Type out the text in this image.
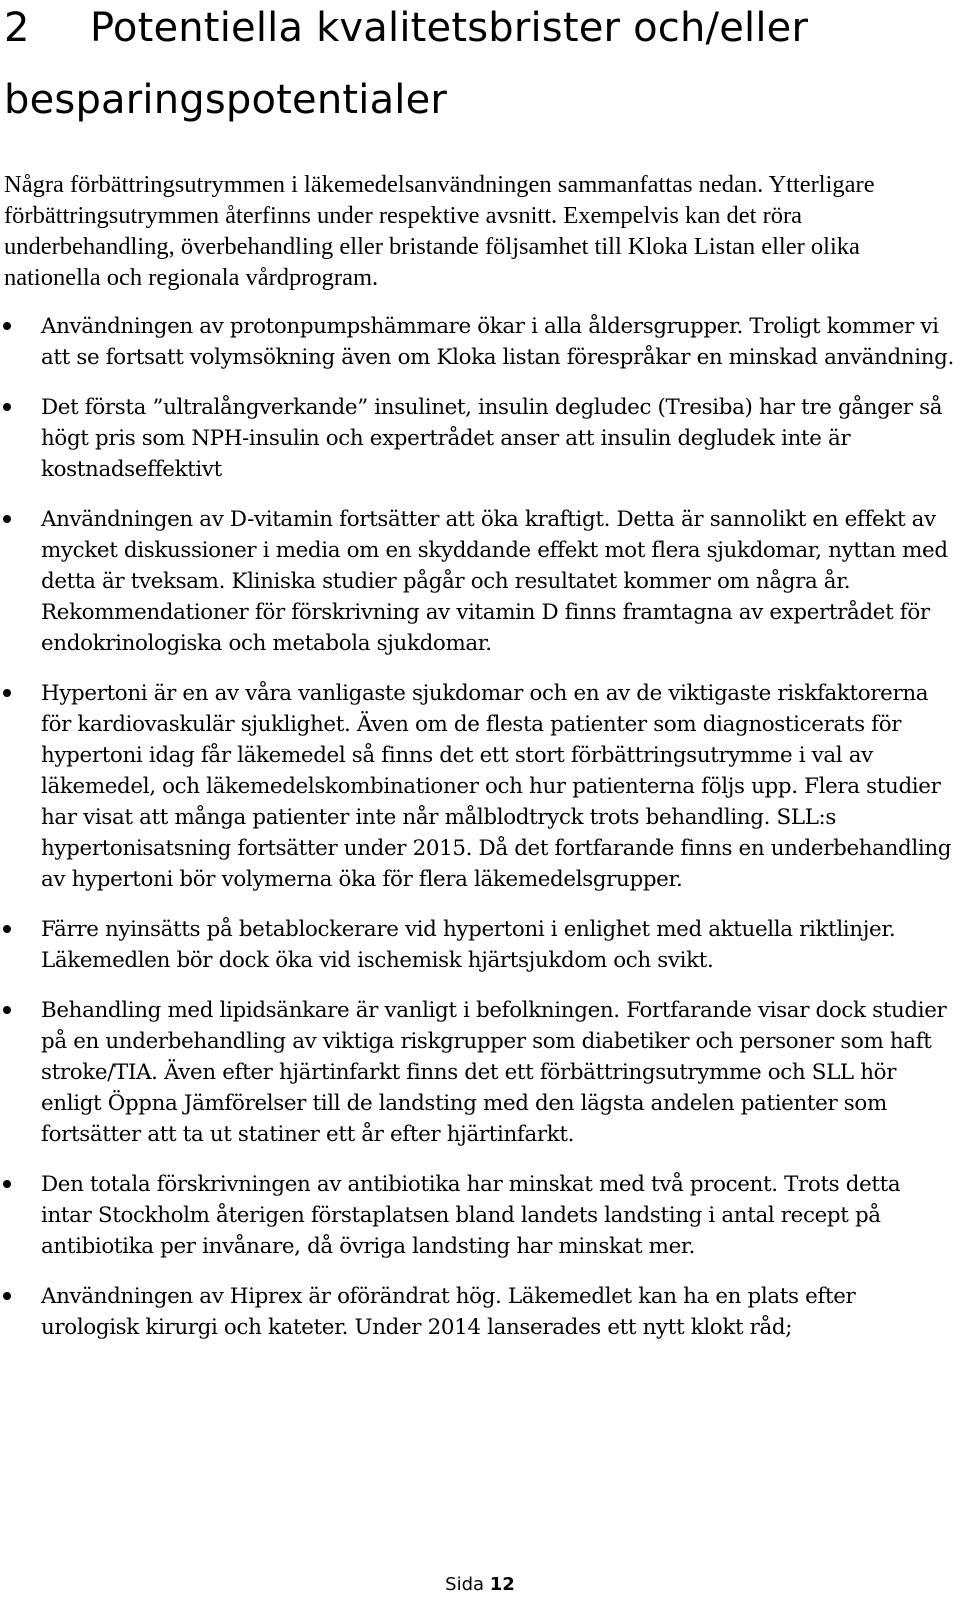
2 Potentiella kvalitetsbrister och/eller besparingspotentialer

Några förbättringsutrymmen i läkemedelsanvändningen sammanfattas nedan. Ytterligare förbättringsutrymmen återfinns under respektive avsnitt. Exempelvis kan det röra underbehandling, överbehandling eller bristande följsamhet till Kloka Listan eller olika nationella och regionala vårdprogram.

Användningen av protonpumpshämmare ökar i alla åldersgrupper. Troligt kommer vi att se fortsatt volymsökning även om Kloka listan förespråkar en minskad användning.
Det första ”ultralångverkande” insulinet, insulin degludec (Tresiba) har tre gånger så högt pris som NPH-insulin och expertrådet anser att insulin degludek inte är kostnadseffektivt
Användningen av D-vitamin fortsätter att öka kraftigt. Detta är sannolikt en effekt av mycket diskussioner i media om en skyddande effekt mot flera sjukdomar, nyttan med detta är tveksam. Kliniska studier pågår och resultatet kommer om några år. Rekommendationer för förskrivning av vitamin D finns framtagna av expertrådet för endokrinologiska och metabola sjukdomar.
Hypertoni är en av våra vanligaste sjukdomar och en av de viktigaste riskfaktorerna för kardiovaskulär sjuklighet. Även om de flesta patienter som diagnosticerats för hypertoni idag får läkemedel så finns det ett stort förbättringsutrymme i val av läkemedel, och läkemedelskombinationer och hur patienterna följs upp. Flera studier har visat att många patienter inte når målblodtryck trots behandling. SLL:s hypertonisatsning fortsätter under 2015. Då det fortfarande finns en underbehandling av hypertoni bör volymerna öka för flera läkemedelsgrupper.
Färre nyinsätts på betablockerare vid hypertoni i enlighet med aktuella riktlinjer. Läkemedlen bör dock öka vid ischemisk hjärtsjukdom och svikt.
Behandling med lipidsänkare är vanligt i befolkningen. Fortfarande visar dock studier på en underbehandling av viktiga riskgrupper som diabetiker och personer som haft stroke/TIA. Även efter hjärtinfarkt finns det ett förbättringsutrymme och SLL hör enligt Öppna Jämförelser till de landsting med den lägsta andelen patienter som fortsätter att ta ut statiner ett år efter hjärtinfarkt.
Den totala förskrivningen av antibiotika har minskat med två procent. Trots detta intar Stockholm återigen förstaplatsen bland landets landsting i antal recept på antibiotika per invånare, då övriga landsting har minskat mer.
Användningen av Hiprex är oförändrat hög. Läkemedlet kan ha en plats efter urologisk kirurgi och kateter. Under 2014 lanserades ett nytt klokt råd;
Sida 12
